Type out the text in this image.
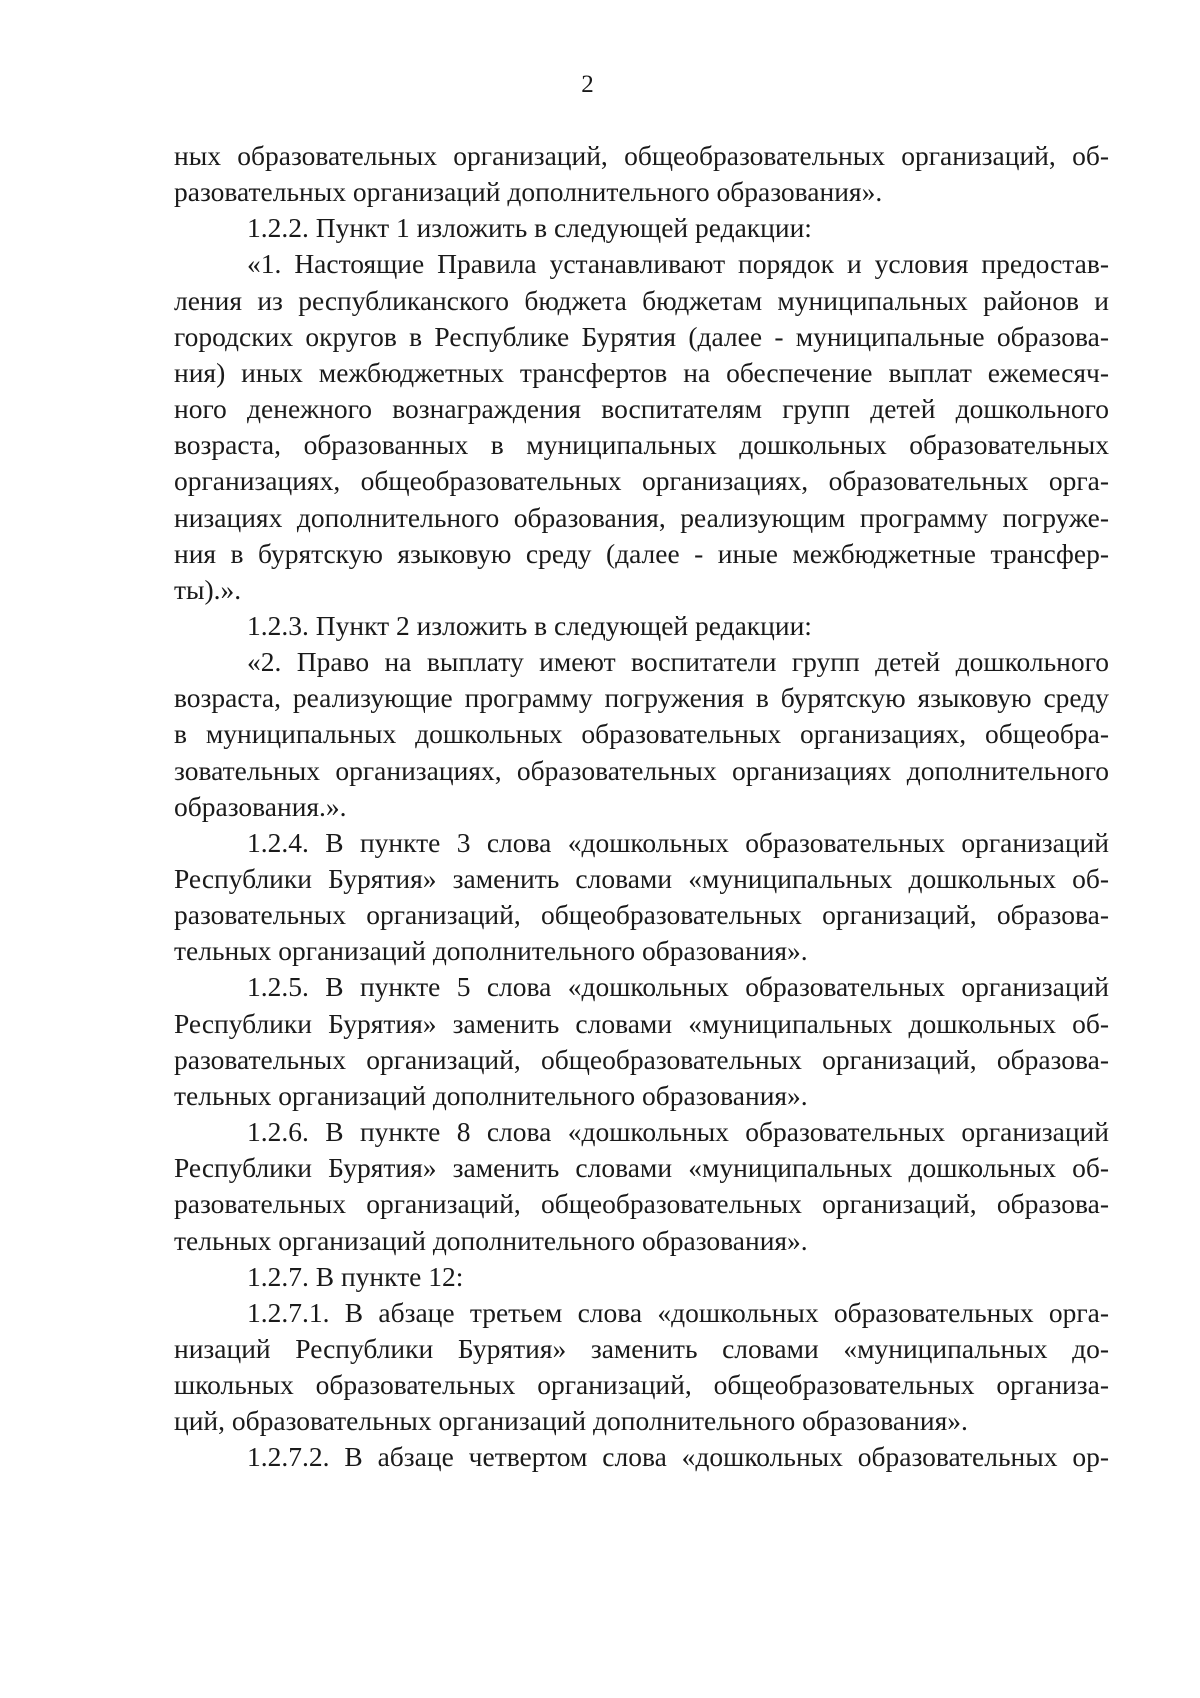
2
ных образовательных организаций, общеобразовательных организаций, об-
разовательных организаций дополнительного образования».
1.2.2. Пункт 1 изложить в следующей редакции:
«1. Настоящие Правила устанавливают порядок и условия предостав-
ления из республиканского бюджета бюджетам муниципальных районов и
городских округов в Республике Бурятия (далее - муниципальные образова-
ния) иных межбюджетных трансфертов на обеспечение выплат ежемесяч-
ного денежного вознаграждения воспитателям групп детей дошкольного
возраста, образованных в муниципальных дошкольных образовательных
организациях, общеобразовательных организациях, образовательных орга-
низациях дополнительного образования, реализующим программу погруже-
ния в бурятскую языковую среду (далее - иные межбюджетные трансфер-
ты).».
1.2.3. Пункт 2 изложить в следующей редакции:
«2. Право на выплату имеют воспитатели групп детей дошкольного
возраста, реализующие программу погружения в бурятскую языковую среду
в муниципальных дошкольных образовательных организациях, общеобра-
зовательных организациях, образовательных организациях дополнительного
образования.».
1.2.4. В пункте 3 слова «дошкольных образовательных организаций
Республики Бурятия» заменить словами «муниципальных дошкольных об-
разовательных организаций, общеобразовательных организаций, образова-
тельных организаций дополнительного образования».
1.2.5. В пункте 5 слова «дошкольных образовательных организаций
Республики Бурятия» заменить словами «муниципальных дошкольных об-
разовательных организаций, общеобразовательных организаций, образова-
тельных организаций дополнительного образования».
1.2.6. В пункте 8 слова «дошкольных образовательных организаций
Республики Бурятия» заменить словами «муниципальных дошкольных об-
разовательных организаций, общеобразовательных организаций, образова-
тельных организаций дополнительного образования».
1.2.7. В пункте 12:
1.2.7.1. В абзаце третьем слова «дошкольных образовательных орга-
низаций Республики Бурятия» заменить словами «муниципальных до-
школьных образовательных организаций, общеобразовательных организа-
ций, образовательных организаций дополнительного образования».
1.2.7.2. В абзаце четвертом слова «дошкольных образовательных ор-
